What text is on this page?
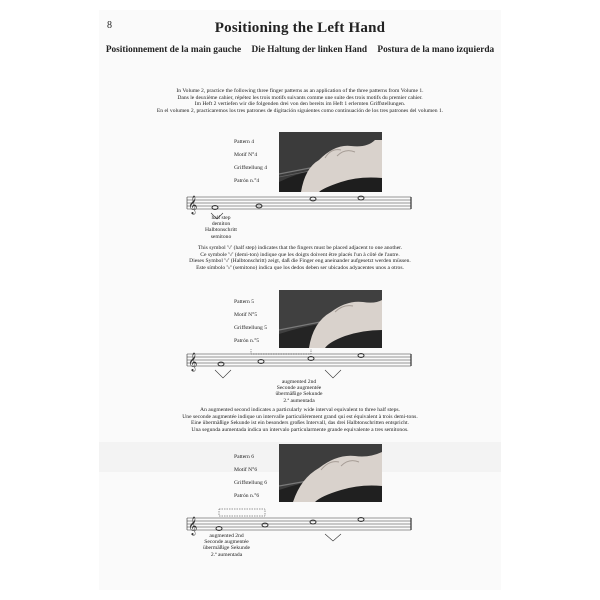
8	Positioning the Left Hand
Positionnement de la main gauche Die Haltung der linken Hand Postura de la mano izquierda
In Volume 2, practice the following three finger patterns as an application of the three patterns from Volume 1.
Dans le deuxième cahier, répétez les trois motifs suivants comme une suite des trois motifs du premier cahier.
Im Heft 2 vertiefen wir die folgenden drei von den bereits im Heft 1 erlernten Griffstellungen.
En el volumen 2, practicaremos los tres patrones de digitación siguientes como continuación de los tres patrones del volumen 1.
Pattern 4
Motif N°4
Griffstellung 4
Patrón n.°4
𝄞
half step
demiton
Halbtonschritt
semitono
This symbol '\/' (half step) indicates that the fingers must be placed adjacent to one another.
Ce symbole '\/' (demi-ton) indique que les doigts doivent être placés l'un à côté de l'autre.
Dieses Symbol '\/' (Halbtonschritt) zeigt, daß die Finger eng aneinander aufgesetzt werden müssen.
Este símbolo '\/' (semitono) indica que los dedos deben ser ubicados adyacentes unos a otros.
Pattern 5
Motif N°5
Griffstellung 5
Patrón n.°5
𝄞
augmented 2nd
Seconde augmentée
übermäßige Sekunde
2.ª aumentada
An augmented second indicates a particularly wide interval equivalent to three half steps.
Une seconde augmentée indique un intervalle particulièrement grand qui est équivalent à trois demi-tons.
Eine übermäßige Sekunde ist ein besonders großes Intervall, das drei Halbtonschritten entspricht.
Una segunda aumentada indica un intervalo particularmente grande equivalente a tres semitonos.
Pattern 6
Motif N°6
Griffstellung 6
Patrón n.°6
𝄞
augmented 2nd
Seconde augmentée
übermäßige Sekunde
2.ª aumentada
